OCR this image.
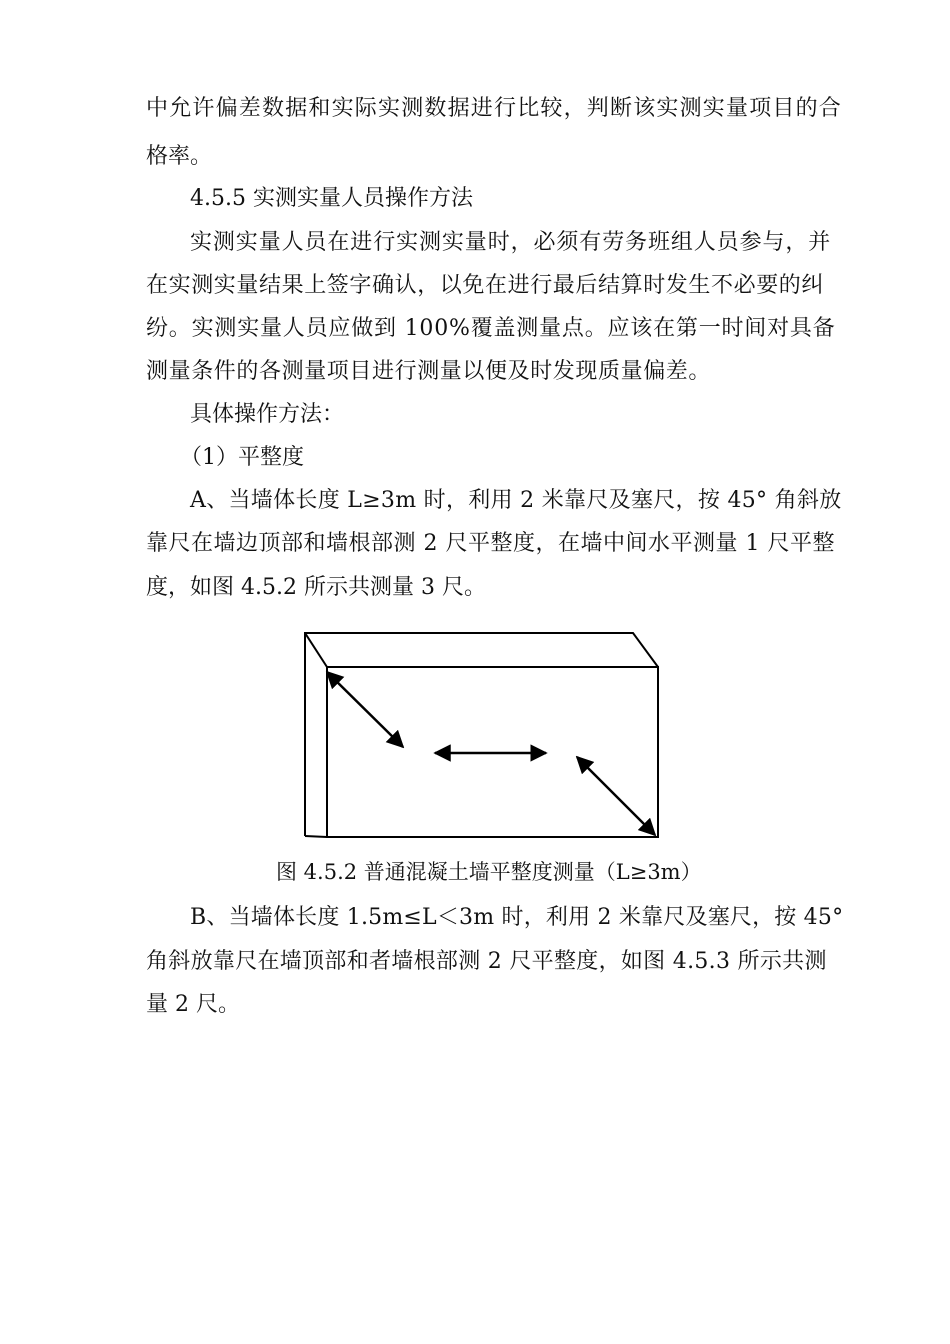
中允许偏差数据和实际实测数据进行比较，判断该实测实量项目的合
格率。
4.5.5 实测实量人员操作方法
实测实量人员在进行实测实量时，必须有劳务班组人员参与，并
在实测实量结果上签字确认，以免在进行最后结算时发生不必要的纠
纷。实测实量人员应做到 100%覆盖测量点。应该在第一时间对具备
测量条件的各测量项目进行测量以便及时发现质量偏差。
具体操作方法：
（1）平整度
A、当墙体长度 L≥3m 时，利用 2 米靠尺及塞尺，按 45° 角斜放
靠尺在墙边顶部和墙根部测 2 尺平整度，在墙中间水平测量 1 尺平整
度，如图 4.5.2 所示共测量 3 尺。
图 4.5.2 普通混凝土墙平整度测量（L≥3m）
B、当墙体长度 1.5m≤L＜3m 时，利用 2 米靠尺及塞尺，按 45°
角斜放靠尺在墙顶部和者墙根部测 2 尺平整度，如图 4.5.3 所示共测
量 2 尺。
